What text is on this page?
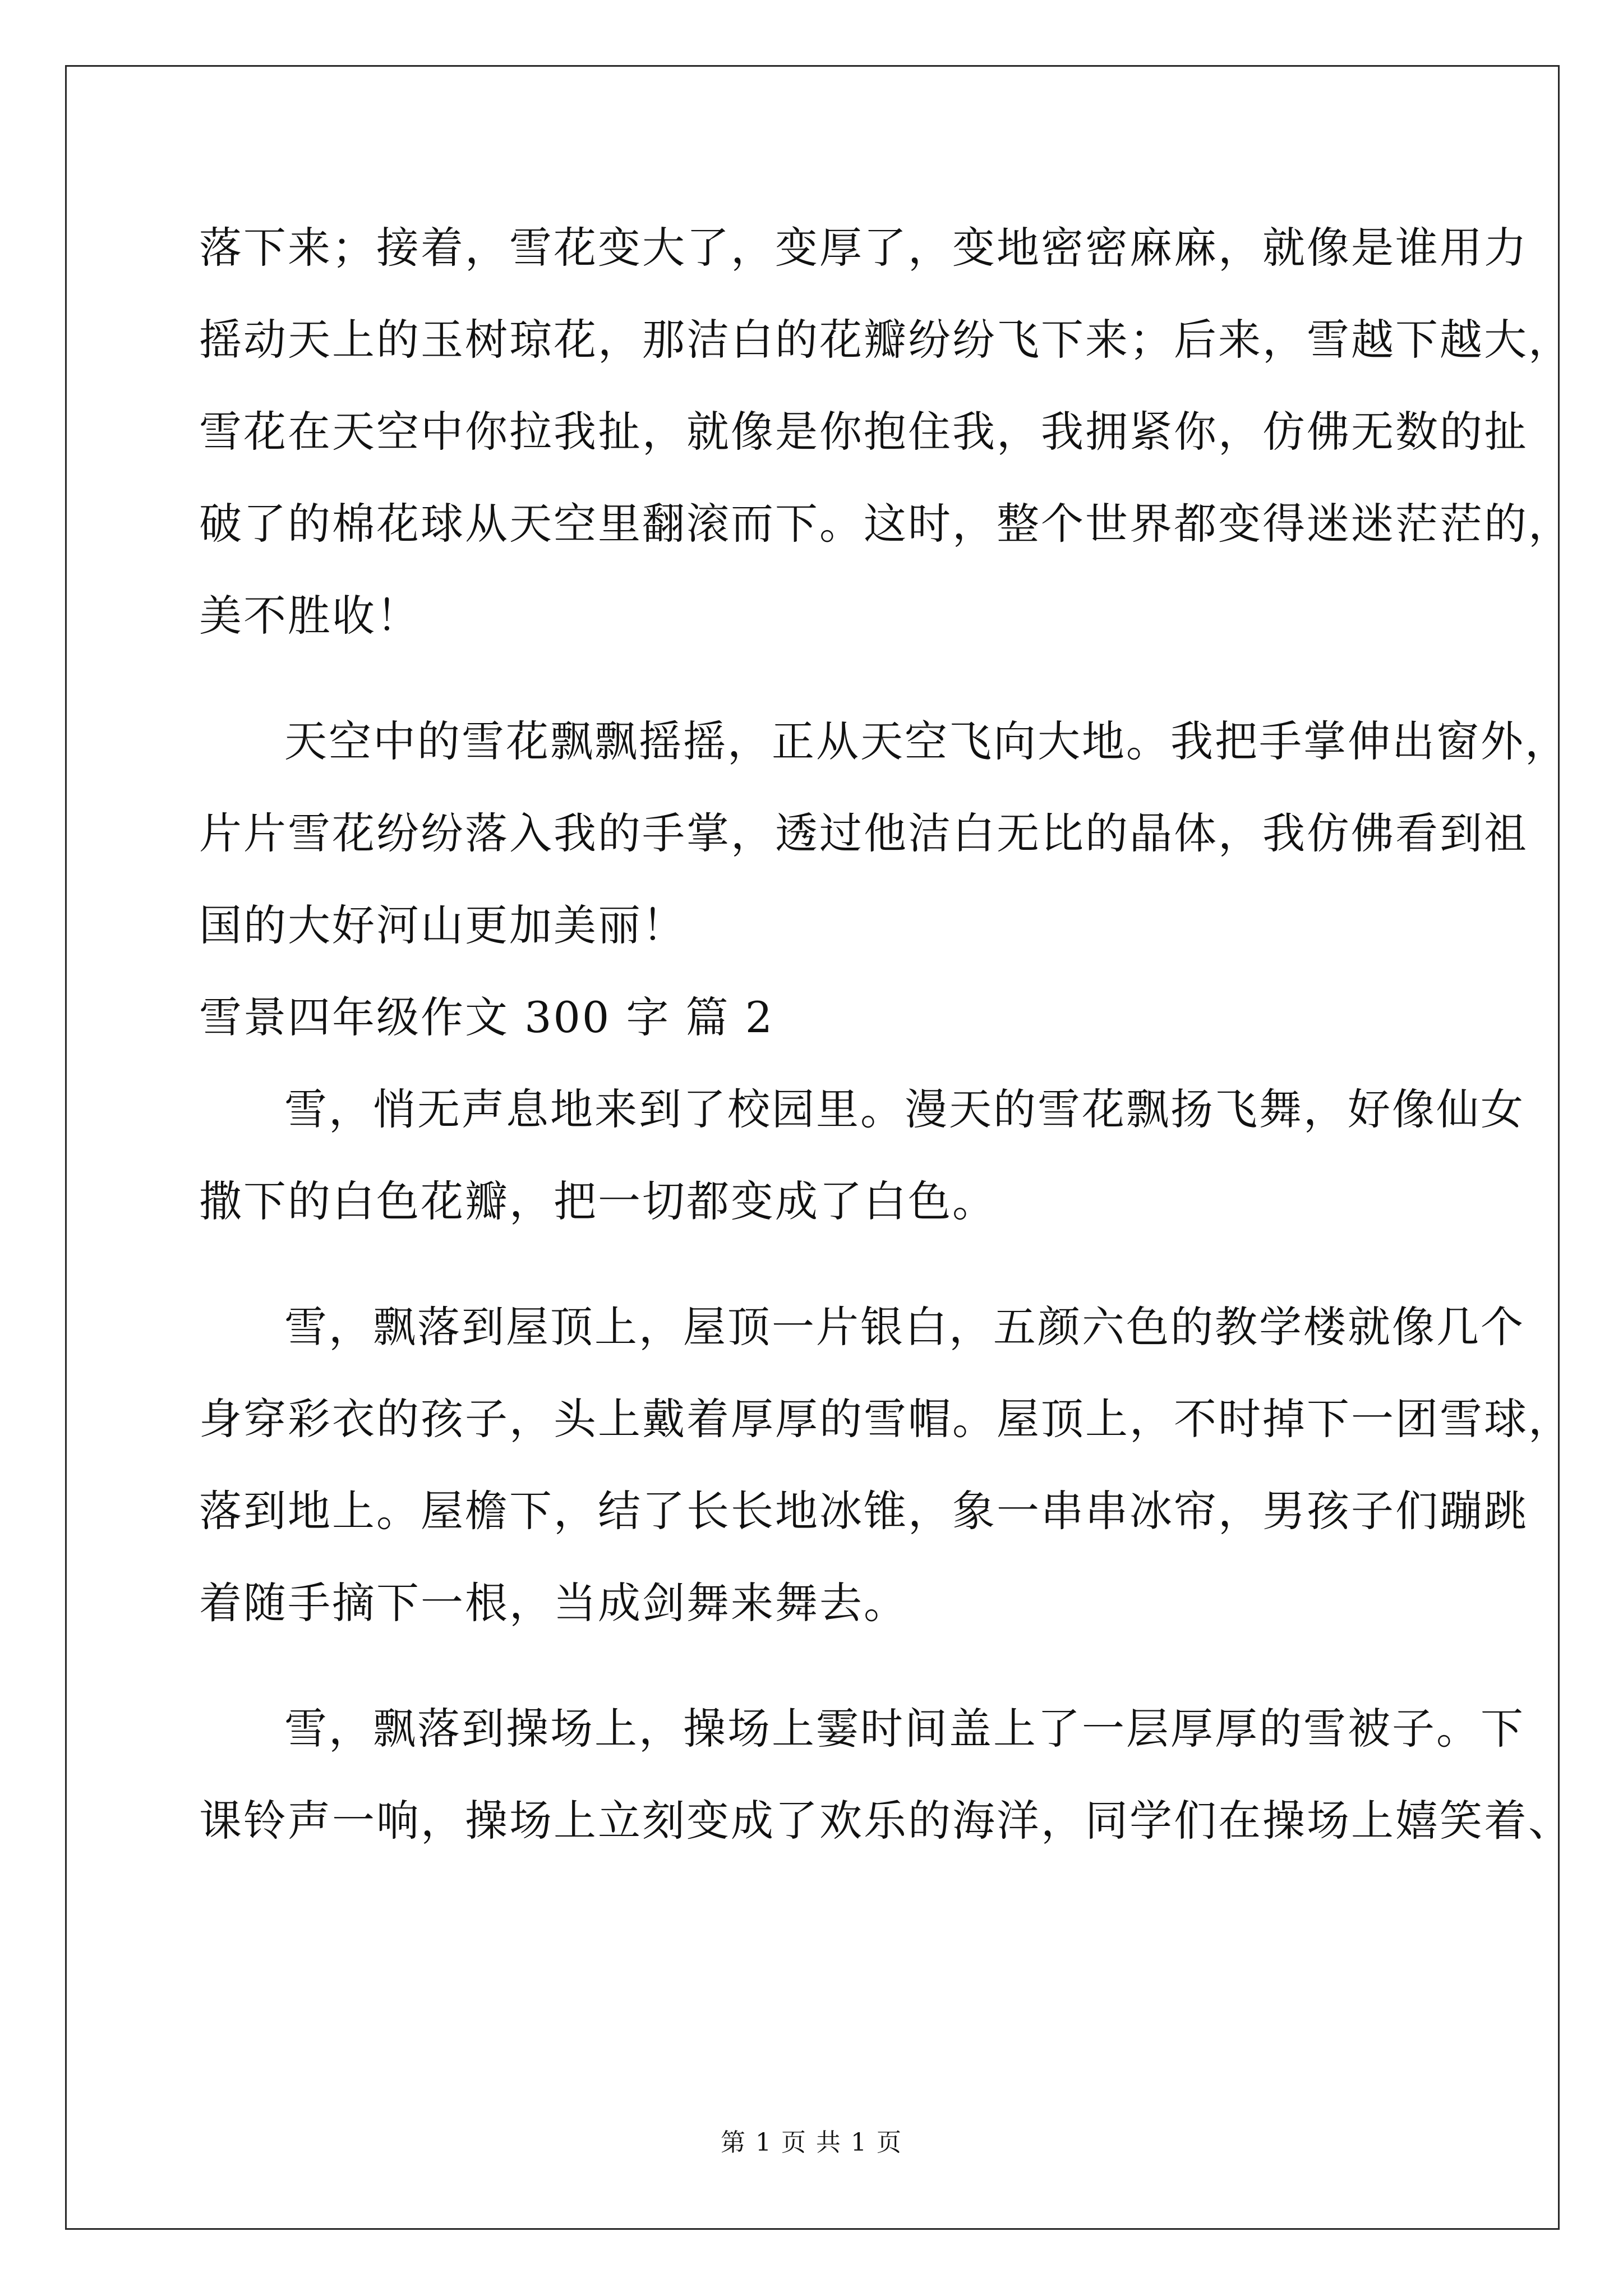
落下来；接着，雪花变大了，变厚了，变地密密麻麻，就像是谁用力
摇动天上的玉树琼花，那洁白的花瓣纷纷飞下来；后来，雪越下越大，
雪花在天空中你拉我扯，就像是你抱住我，我拥紧你，仿佛无数的扯
破了的棉花球从天空里翻滚而下。这时，整个世界都变得迷迷茫茫的，
美不胜收！
天空中的雪花飘飘摇摇，正从天空飞向大地。我把手掌伸出窗外，
片片雪花纷纷落入我的手掌，透过他洁白无比的晶体，我仿佛看到祖
国的大好河山更加美丽！
雪景四年级作文 300 字 篇 2
雪，悄无声息地来到了校园里。漫天的雪花飘扬飞舞，好像仙女
撒下的白色花瓣，把一切都变成了白色。
雪，飘落到屋顶上，屋顶一片银白，五颜六色的教学楼就像几个
身穿彩衣的孩子，头上戴着厚厚的雪帽。屋顶上，不时掉下一团雪球，
落到地上。屋檐下，结了长长地冰锥，象一串串冰帘，男孩子们蹦跳
着随手摘下一根，当成剑舞来舞去。
雪，飘落到操场上，操场上霎时间盖上了一层厚厚的雪被子。下
课铃声一响，操场上立刻变成了欢乐的海洋，同学们在操场上嬉笑着、
第 1 页 共 1 页
